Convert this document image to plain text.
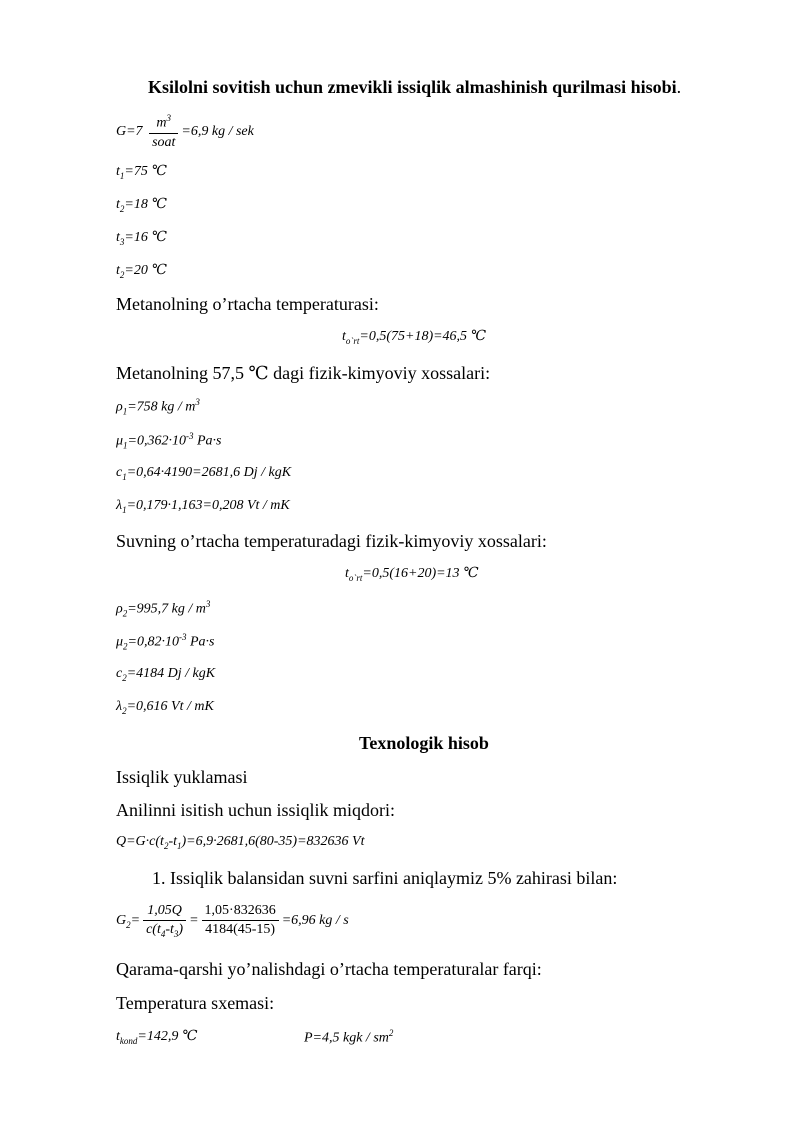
Ksilolni sovitish uchun zmevikli issiqlik almashinish qurilmasi hisobi.
$G=7 \frac{m^3}{\text{soat}} =6,9$ kg / sek
$t_1=75$ ℃
$t_2=18$ ℃
$t_3=16$ ℃
$t_2=20$ ℃
Metanolning o’rtacha temperaturasi:
$t_{o`rt}=0,5(75+18)=46,5$ ℃
Metanolning 57,5 ℃ dagi fizik-kimyoviy xossalari:
$\rho_1=758$ kg / $m^3$
$\mu_1=0,362\cdot 10^{-3}$ Pa·s
$c_1=0,64\cdot 4190=2681,6$ Dj / kgK
$\lambda_1=0,179\cdot 1,163=0,208$ Vt / mK
Suvning o’rtacha temperaturadagi fizik-kimyoviy xossalari:
$t_{o`rt}=0,5(16+20)=13$ ℃
$\rho_2=995,7$ kg / $m^3$
$\mu_2=0,82\cdot 10^{-3}$ Pa·s
$c_2=4184$ Dj / kgK
$\lambda_2=0,616$ Vt / mK
Texnologik hisob
Issiqlik yuklamasi
Anilinni isitish uchun issiqlik miqdori:
$Q=G\cdot c(t_2-t_1)=6,9\cdot 2681,6(80-35)=832636$ Vt
1. Issiqlik balansidan suvni sarfini aniqlaymiz 5% zahirasi bilan:
$G_2= \frac{1,05Q}{c(t_4-t_3)} = \frac{1,05\cdot 832636}{4184(45-15)} =6,96$ kg / s
Qarama-qarshi yo’nalishdagi o’rtacha temperaturalar farqi:
Temperatura sxemasi:
$t_{kond}=142,9$ ℃	P=4,5 kgk / $sm^2$
